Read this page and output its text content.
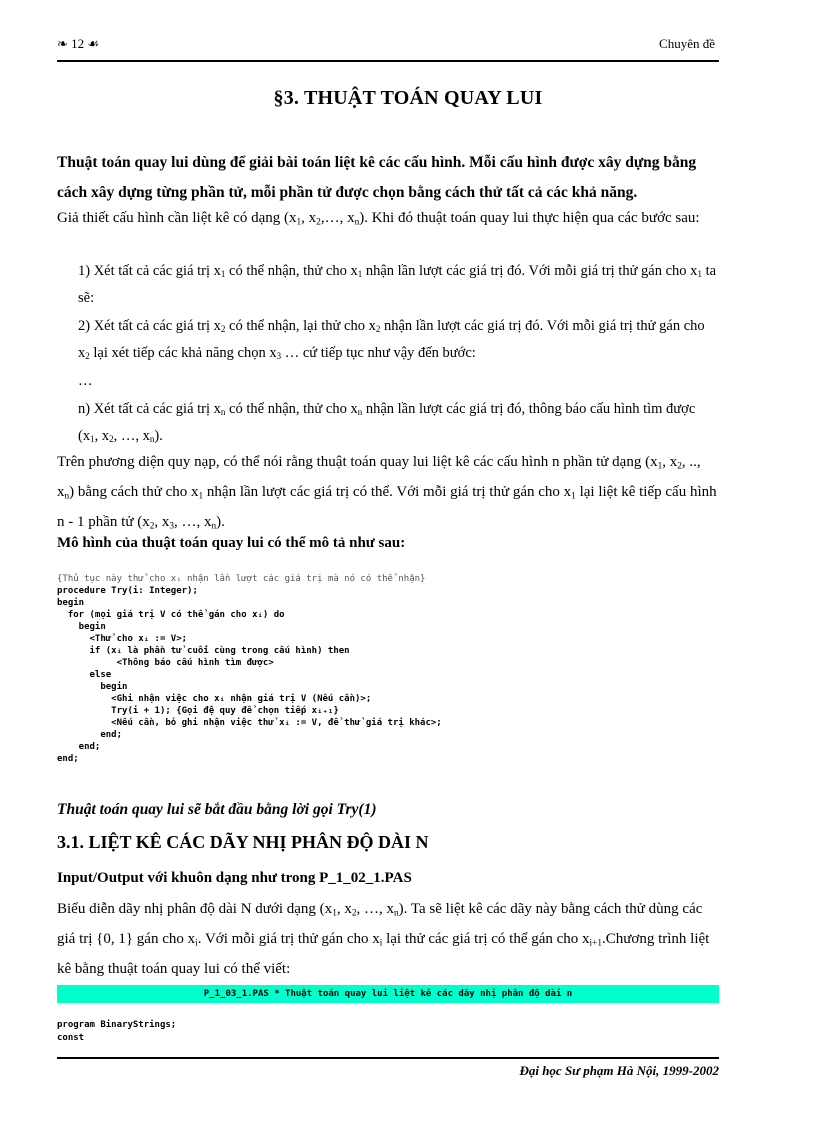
❧ 12 ☙	Chuyên đề
§3. THUẬT TOÁN QUAY LUI
Thuật toán quay lui dùng để giải bài toán liệt kê các cấu hình. Mỗi cấu hình được xây dựng bằng cách xây dựng từng phần tử, mỗi phần tử được chọn bằng cách thử tất cả các khả năng.
Giả thiết cấu hình cần liệt kê có dạng ($x_1$, $x_2,\dots$, $x_n$). Khi đó thuật toán quay lui thực hiện qua các bước sau:

1) Xét tất cả các giá trị $x_1$ có thể nhận, thử cho $x_1$ nhận lần lượt các giá trị đó. Với mỗi giá trị thử gán cho $x_1$ ta sẽ:

2) Xét tất cả các giá trị $x_2$ có thể nhận, lại thử cho $x_2$ nhận lần lượt các giá trị đó. Với mỗi giá trị thử gán cho $x_2$ lại xét tiếp các khả năng chọn $x_3$ … cứ tiếp tục như vậy đến bước:

…

n) Xét tất cả các giá trị $x_n$ có thể nhận, thử cho $x_n$ nhận lần lượt các giá trị đó, thông báo cấu hình tìm được ($x_1$, $x_2$, …, $x_n$).

Trên phương diện quy nạp, có thể nói rằng thuật toán quay lui liệt kê các cấu hình n phần tử dạng ($x_1$, $x_2$, .., $x_n$) bằng cách thử cho $x_1$ nhận lần lượt các giá trị có thể. Với mỗi giá trị thử gán cho $x_1$ lại liệt kê tiếp cấu hình n - 1 phần tử ($x_2$, $x_3$, …, $x_n$).
Mô hình của thuật toán quay lui có thể mô tả như sau:

{Thủ tục này thử cho xᵢ nhận lần lượt các giá trị mà nó có thể nhận}
procedure Try(i: Integer);
begin
for (mọi giá trị V có thể gán cho xᵢ) do
begin
<Thử cho xᵢ := V>;
if (xᵢ là phần tử cuối cùng trong cấu hình) then
<Thông báo cấu hình tìm được>
else
begin
<Ghi nhận việc cho xᵢ nhận giá trị V (Nếu cần)>;
Try(i + 1); {Gọi đệ quy để chọn tiếp xᵢ₊₁}
<Nếu cần, bỏ ghi nhận việc thử xᵢ := V, để thử giá trị khác>;
end;
end;
end;

Thuật toán quay lui sẽ bắt đầu bằng lời gọi Try(1)
3.1. LIỆT KÊ CÁC DÃY NHỊ PHÂN ĐỘ DÀI N
Input/Output với khuôn dạng như trong P_1_02_1.PAS
Biểu diễn dãy nhị phân độ dài N dưới dạng ($x_1$, $x_2$, …, $x_n$). Ta sẽ liệt kê các dãy này bằng cách thử dùng các giá trị {0, 1} gán cho $x_i$. Với mỗi giá trị thử gán cho $x_i$ lại thử các giá trị có thể gán cho $x_{i+1}.Chương$ trình liệt kê bằng thuật toán quay lui có thể viết:
P_1_03_1.PAS * Thuật toán quay lui liệt kê các dãy nhị phân độ dài n

program BinaryStrings;
const

Đại học Sư phạm Hà Nội, 1999-2002
